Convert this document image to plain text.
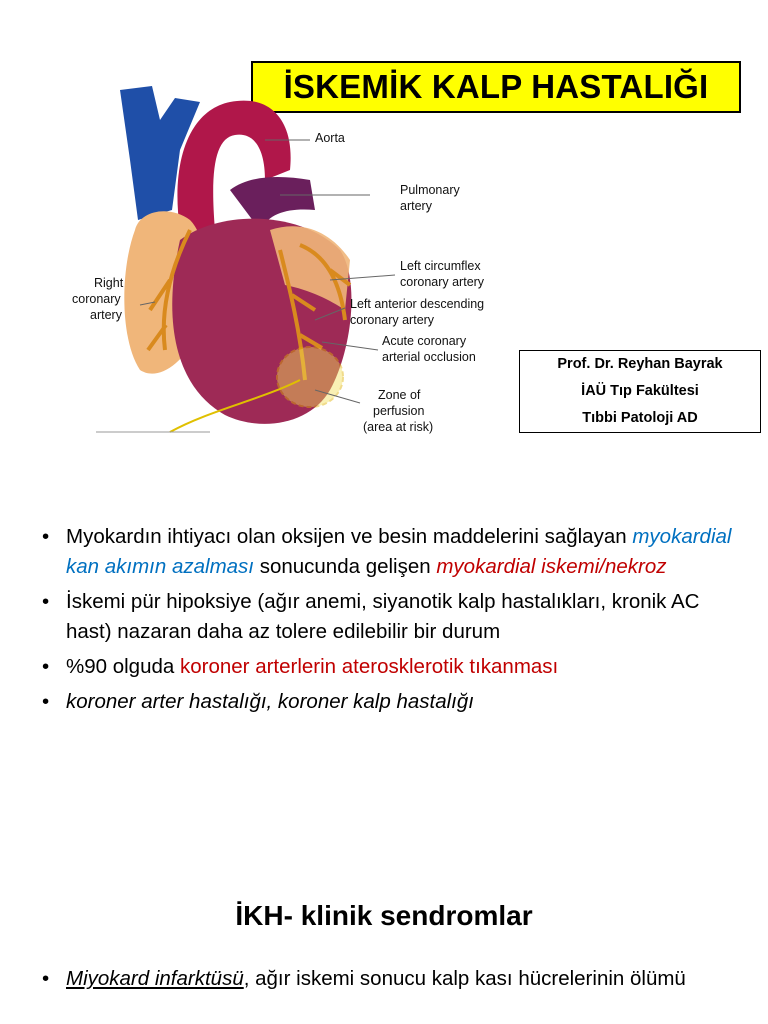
İSKEMİK KALP HASTALIĞI
Aorta
Pulmonary
artery
Left circumflex
coronary artery
Left anterior descending
coronary artery
Acute coronary
arterial occlusion
Zone of
perfusion
(area at risk)
Right
coronary
artery
Prof. Dr. Reyhan Bayrak
İAÜ Tıp Fakültesi
Tıbbi Patoloji AD
• Myokardın ihtiyacı olan oksijen ve besin maddelerini sağlayan myokardial kan akımın azalması sonucunda gelişen myokardial iskemi/nekroz
• İskemi pür hipoksiye (ağır anemi, siyanotik kalp hastalıkları, kronik AC hast) nazaran daha az tolere edilebilir bir durum
• %90 olguda koroner arterlerin aterosklerotik tıkanması
• koroner arter hastalığı, koroner kalp hastalığı
İKH- klinik sendromlar
• Miyokard infarktüsü, ağır iskemi sonucu kalp kası hücrelerinin ölümü
